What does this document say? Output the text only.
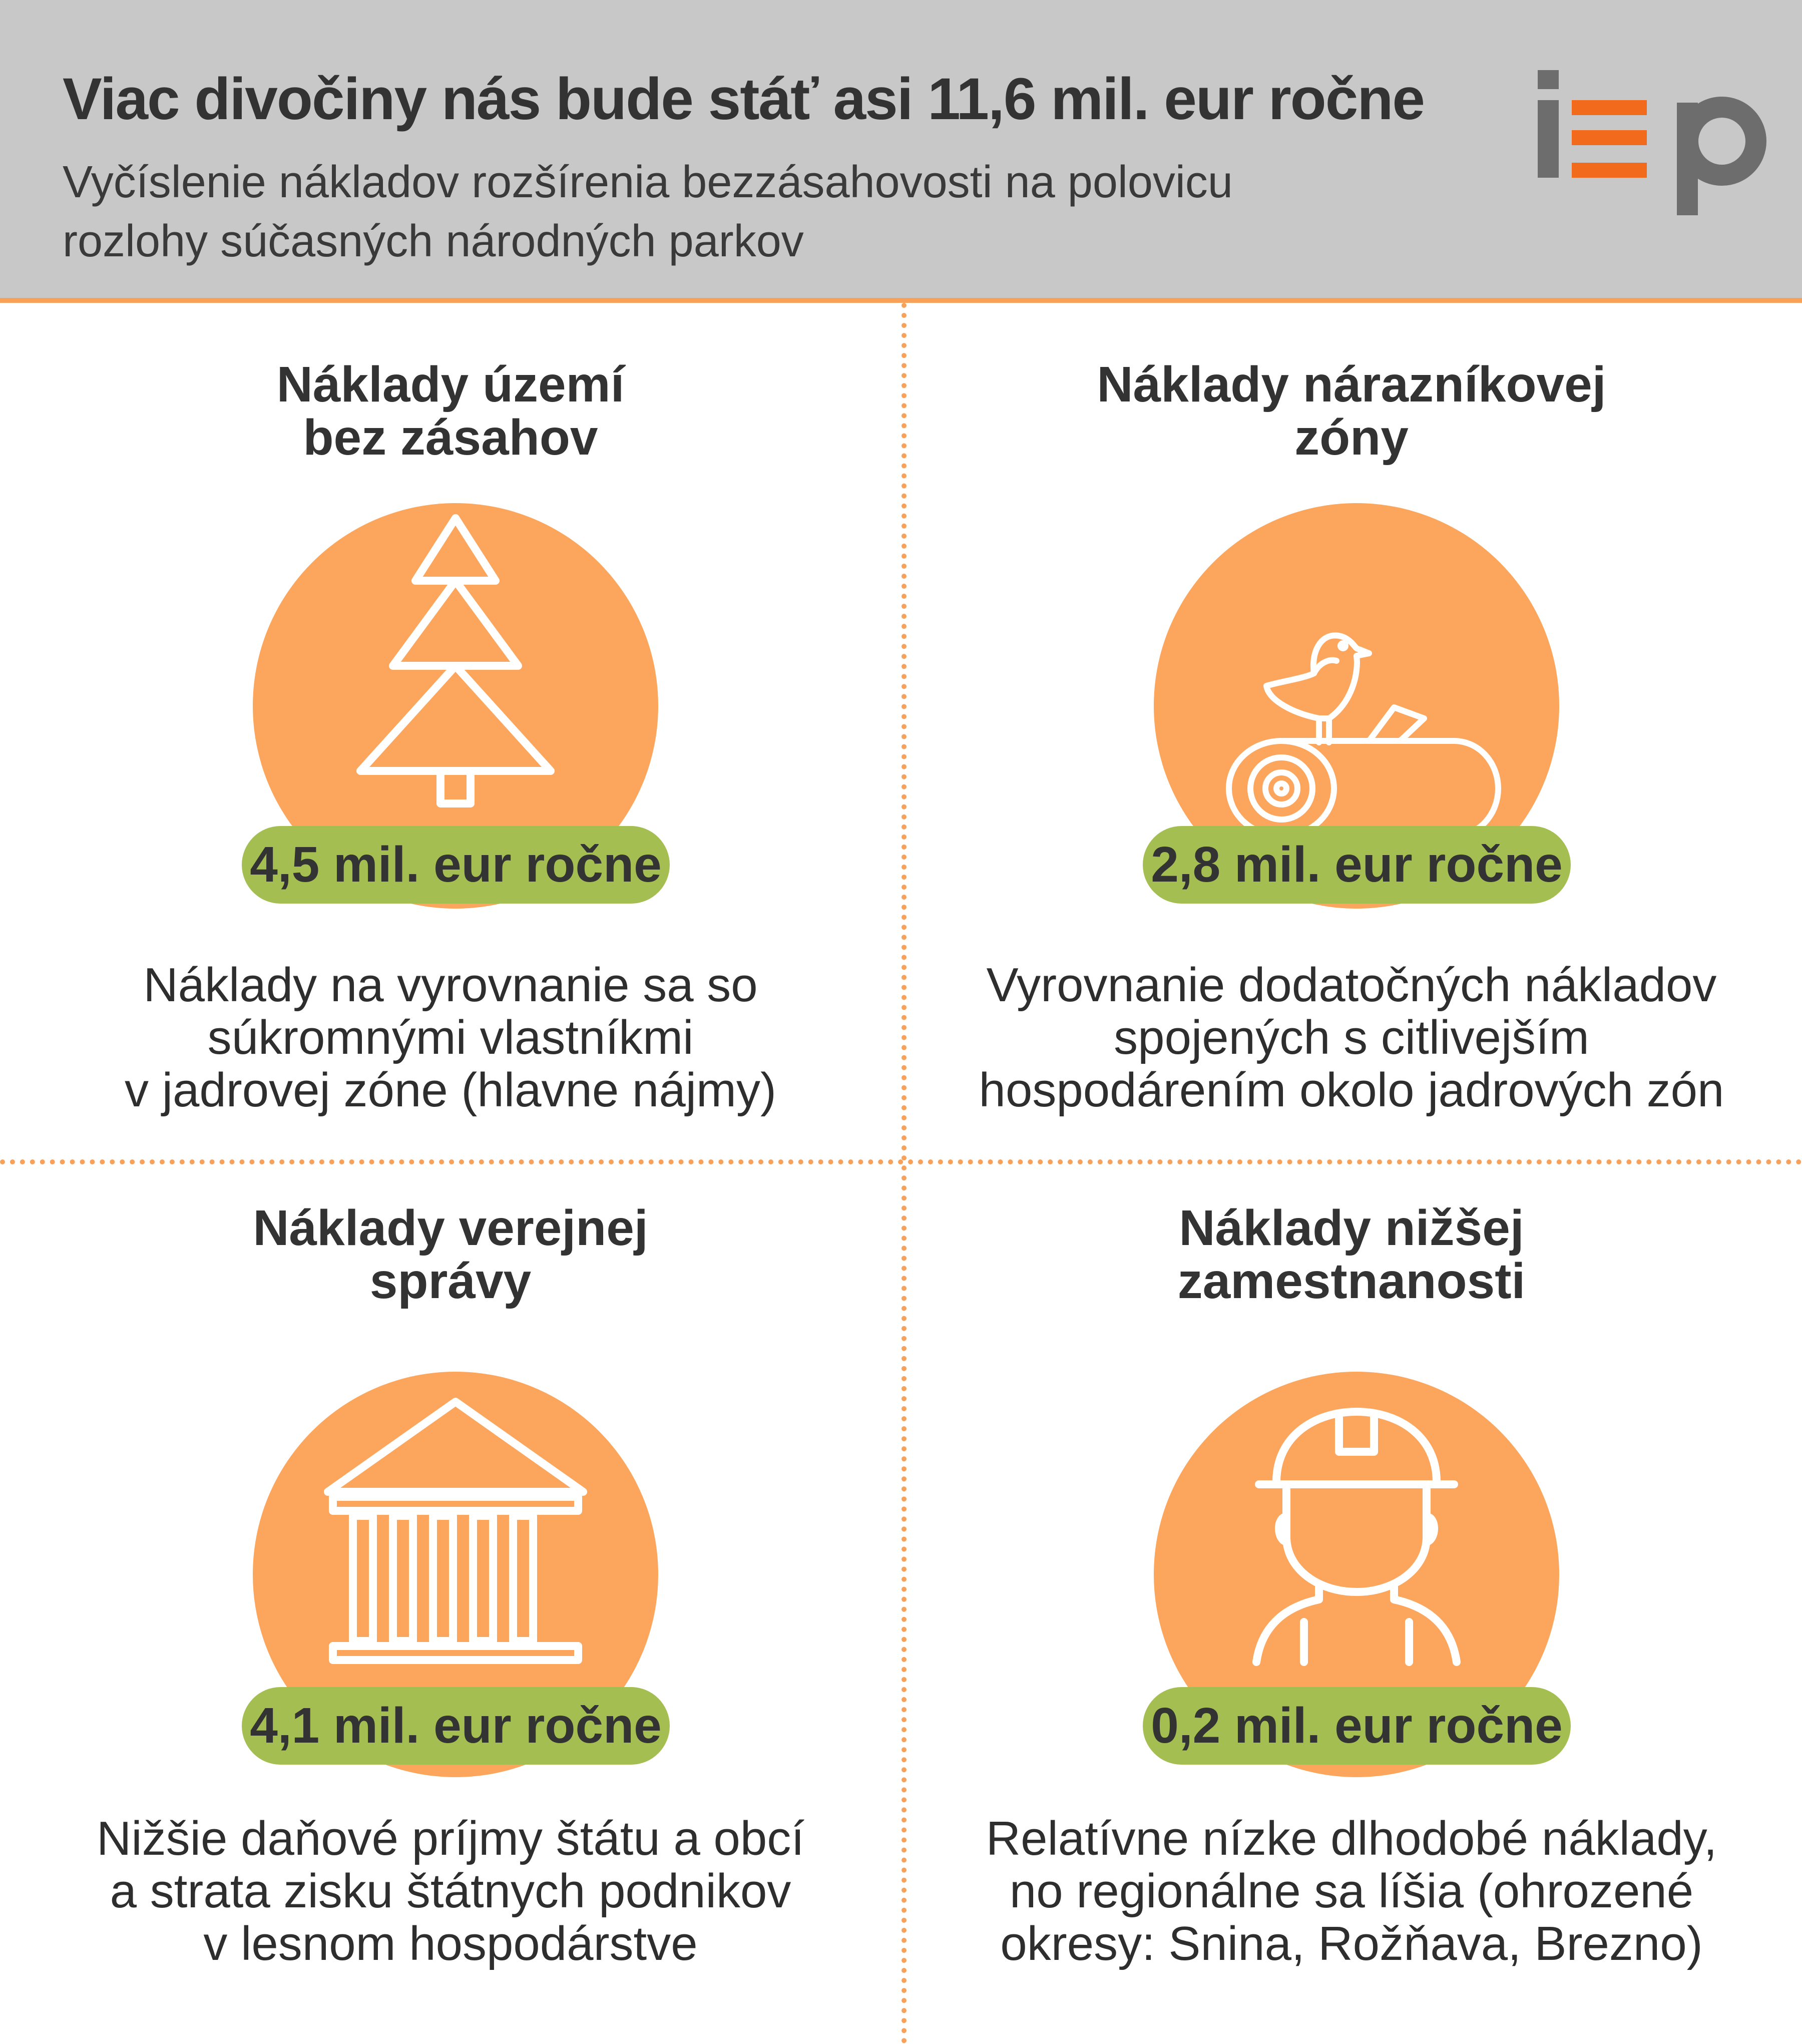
Viac divočiny nás bude stáť asi 11,6 mil. eur ročne
Vyčíslenie nákladov rozšírenia bezzásahovosti na polovicu
rozlohy súčasných národných parkov
Náklady území
bez zásahov
4,5 mil. eur ročne
Náklady na vyrovnanie sa so
súkromnými vlastníkmi
v jadrovej zóne (hlavne nájmy)
Náklady nárazníkovej
zóny
2,8 mil. eur ročne
Vyrovnanie dodatočných nákladov
spojených s citlivejším
hospodárením okolo jadrových zón
Náklady verejnej
správy
4,1 mil. eur ročne
Nižšie daňové príjmy štátu a obcí
a strata zisku štátnych podnikov
v lesnom hospodárstve
Náklady nižšej
zamestnanosti
0,2 mil. eur ročne
Relatívne nízke dlhodobé náklady,
no regionálne sa líšia (ohrozené
okresy: Snina, Rožňava, Brezno)
